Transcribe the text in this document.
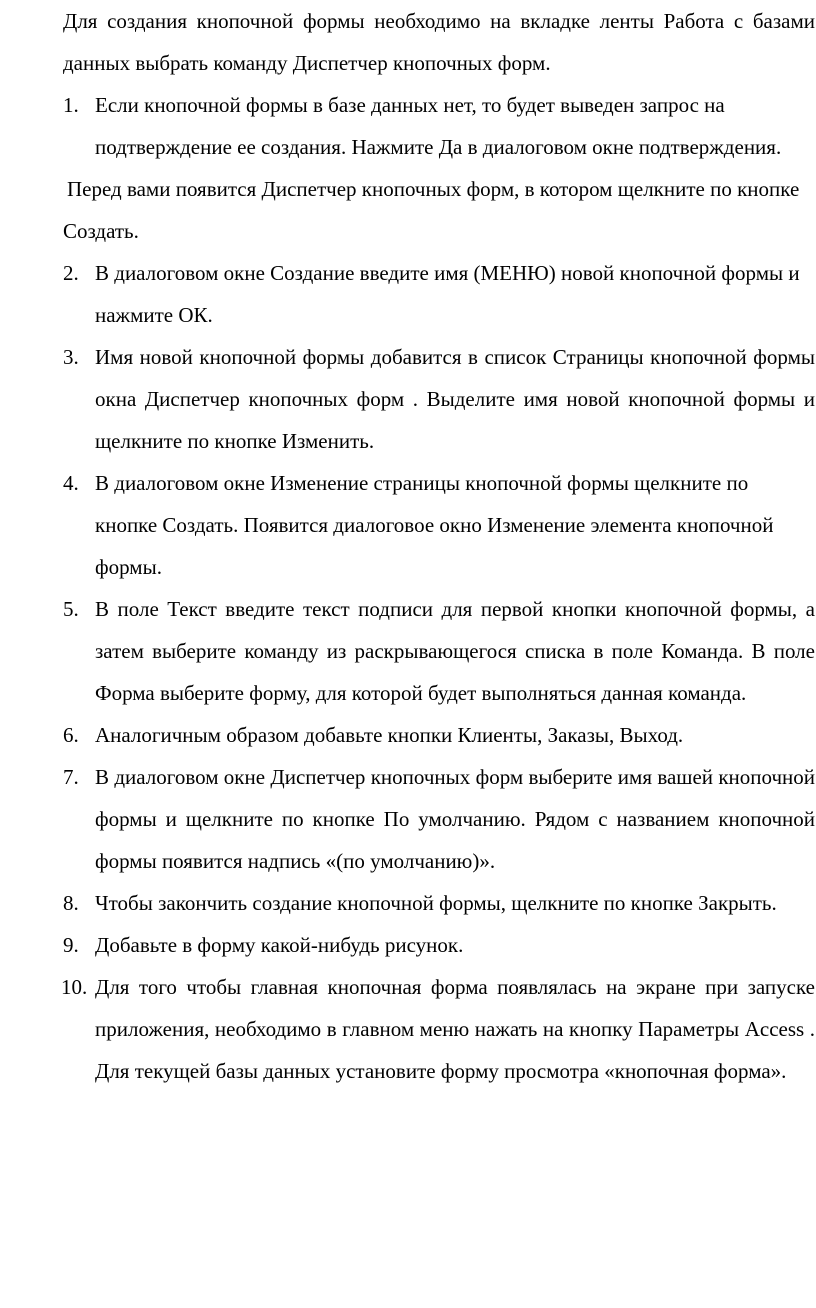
Для создания кнопочной формы необходимо на вкладке ленты Работа с базами данных выбрать команду Диспетчер кнопочных форм.

1. Если кнопочной формы в базе данных нет, то будет выведен запрос на подтверждение ее создания. Нажмите Да в диалоговом окне подтверждения.

Перед вами появится Диспетчер кнопочных форм, в котором щелкните по кнопке Создать.

2. В диалоговом окне Создание введите имя (МЕНЮ) новой кнопочной формы и нажмите ОК.
3. Имя новой кнопочной формы добавится в список Страницы кнопочной формы окна Диспетчер кнопочных форм . Выделите имя новой кнопочной формы и щелкните по кнопке Изменить.
4. В диалоговом окне Изменение страницы кнопочной формы щелкните по кнопке Создать. Появится диалоговое окно Изменение элемента кнопочной формы.
5. В поле Текст введите текст подписи для первой кнопки кнопочной формы, а затем выберите команду из раскрывающегося списка в поле Команда. В поле Форма выберите форму, для которой будет выполняться данная команда.
6. Аналогичным образом добавьте кнопки Клиенты, Заказы, Выход.
7. В диалоговом окне Диспетчер кнопочных форм выберите имя вашей кнопочной формы и щелкните по кнопке По умолчанию. Рядом с названием кнопочной формы появится надпись «(по умолчанию)».
8. Чтобы закончить создание кнопочной формы, щелкните по кнопке Закрыть.
9. Добавьте в форму какой-нибудь рисунок.
10. Для того чтобы главная кнопочная форма появлялась на экране при запуске приложения, необходимо в главном меню нажать на кнопку Параметры Access . Для текущей базы данных установите форму просмотра «кнопочная форма».
